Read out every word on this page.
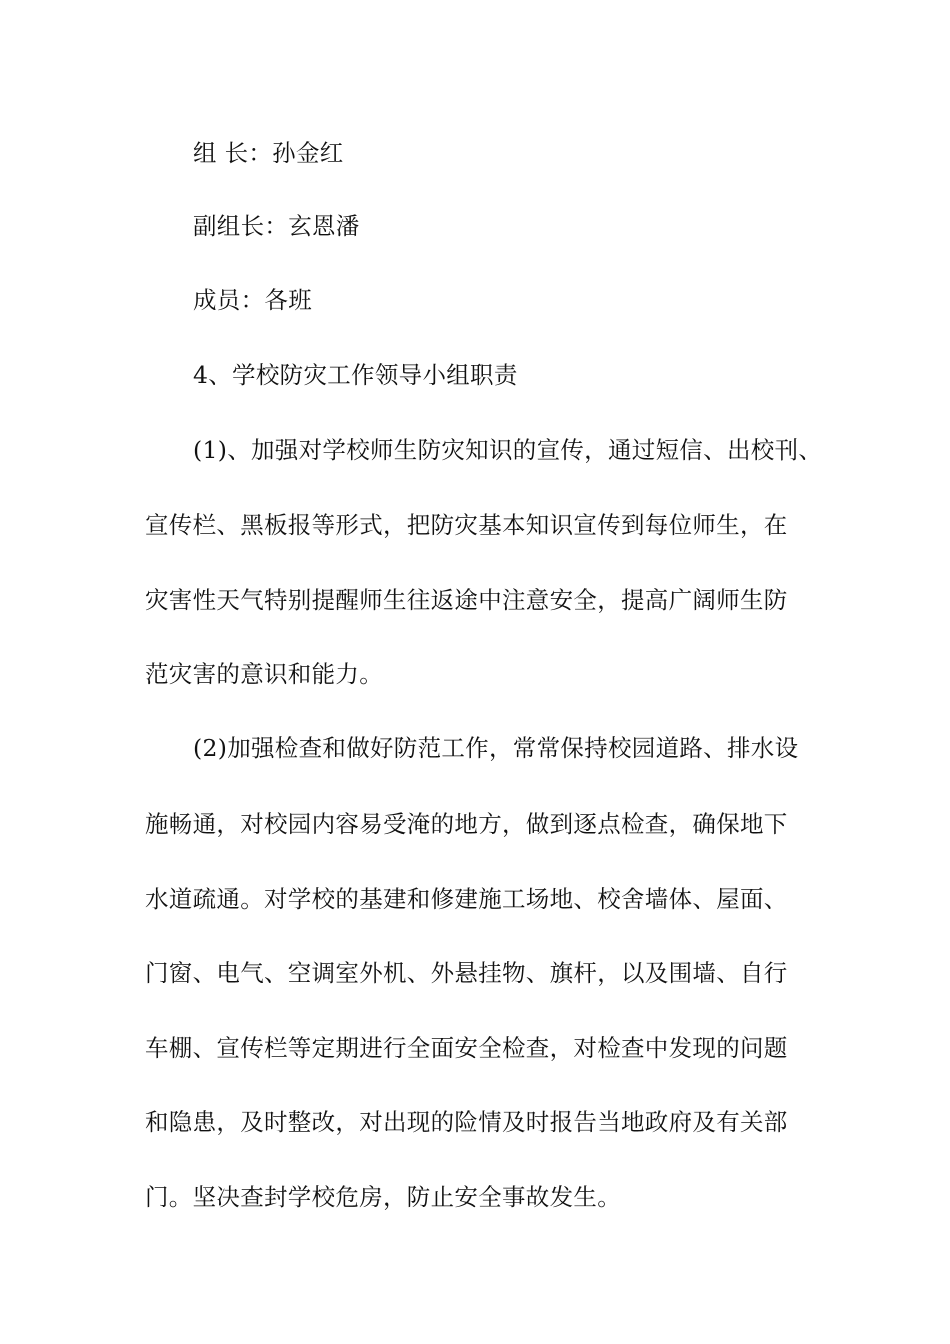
组 长：孙金红
副组长：玄恩潘
成员：各班
4、学校防灾工作领导小组职责
(1)、加强对学校师生防灾知识的宣传，通过短信、出校刊、
宣传栏、黑板报等形式，把防灾基本知识宣传到每位师生，在
灾害性天气特别提醒师生往返途中注意安全，提高广阔师生防
范灾害的意识和能力。
(2)加强检查和做好防范工作，常常保持校园道路、排水设
施畅通，对校园内容易受淹的地方，做到逐点检查，确保地下
水道疏通。对学校的基建和修建施工场地、校舍墙体、屋面、
门窗、电气、空调室外机、外悬挂物、旗杆，以及围墙、自行
车棚、宣传栏等定期进行全面安全检查，对检查中发现的问题
和隐患，及时整改，对出现的险情及时报告当地政府及有关部
门。坚决查封学校危房，防止安全事故发生。
